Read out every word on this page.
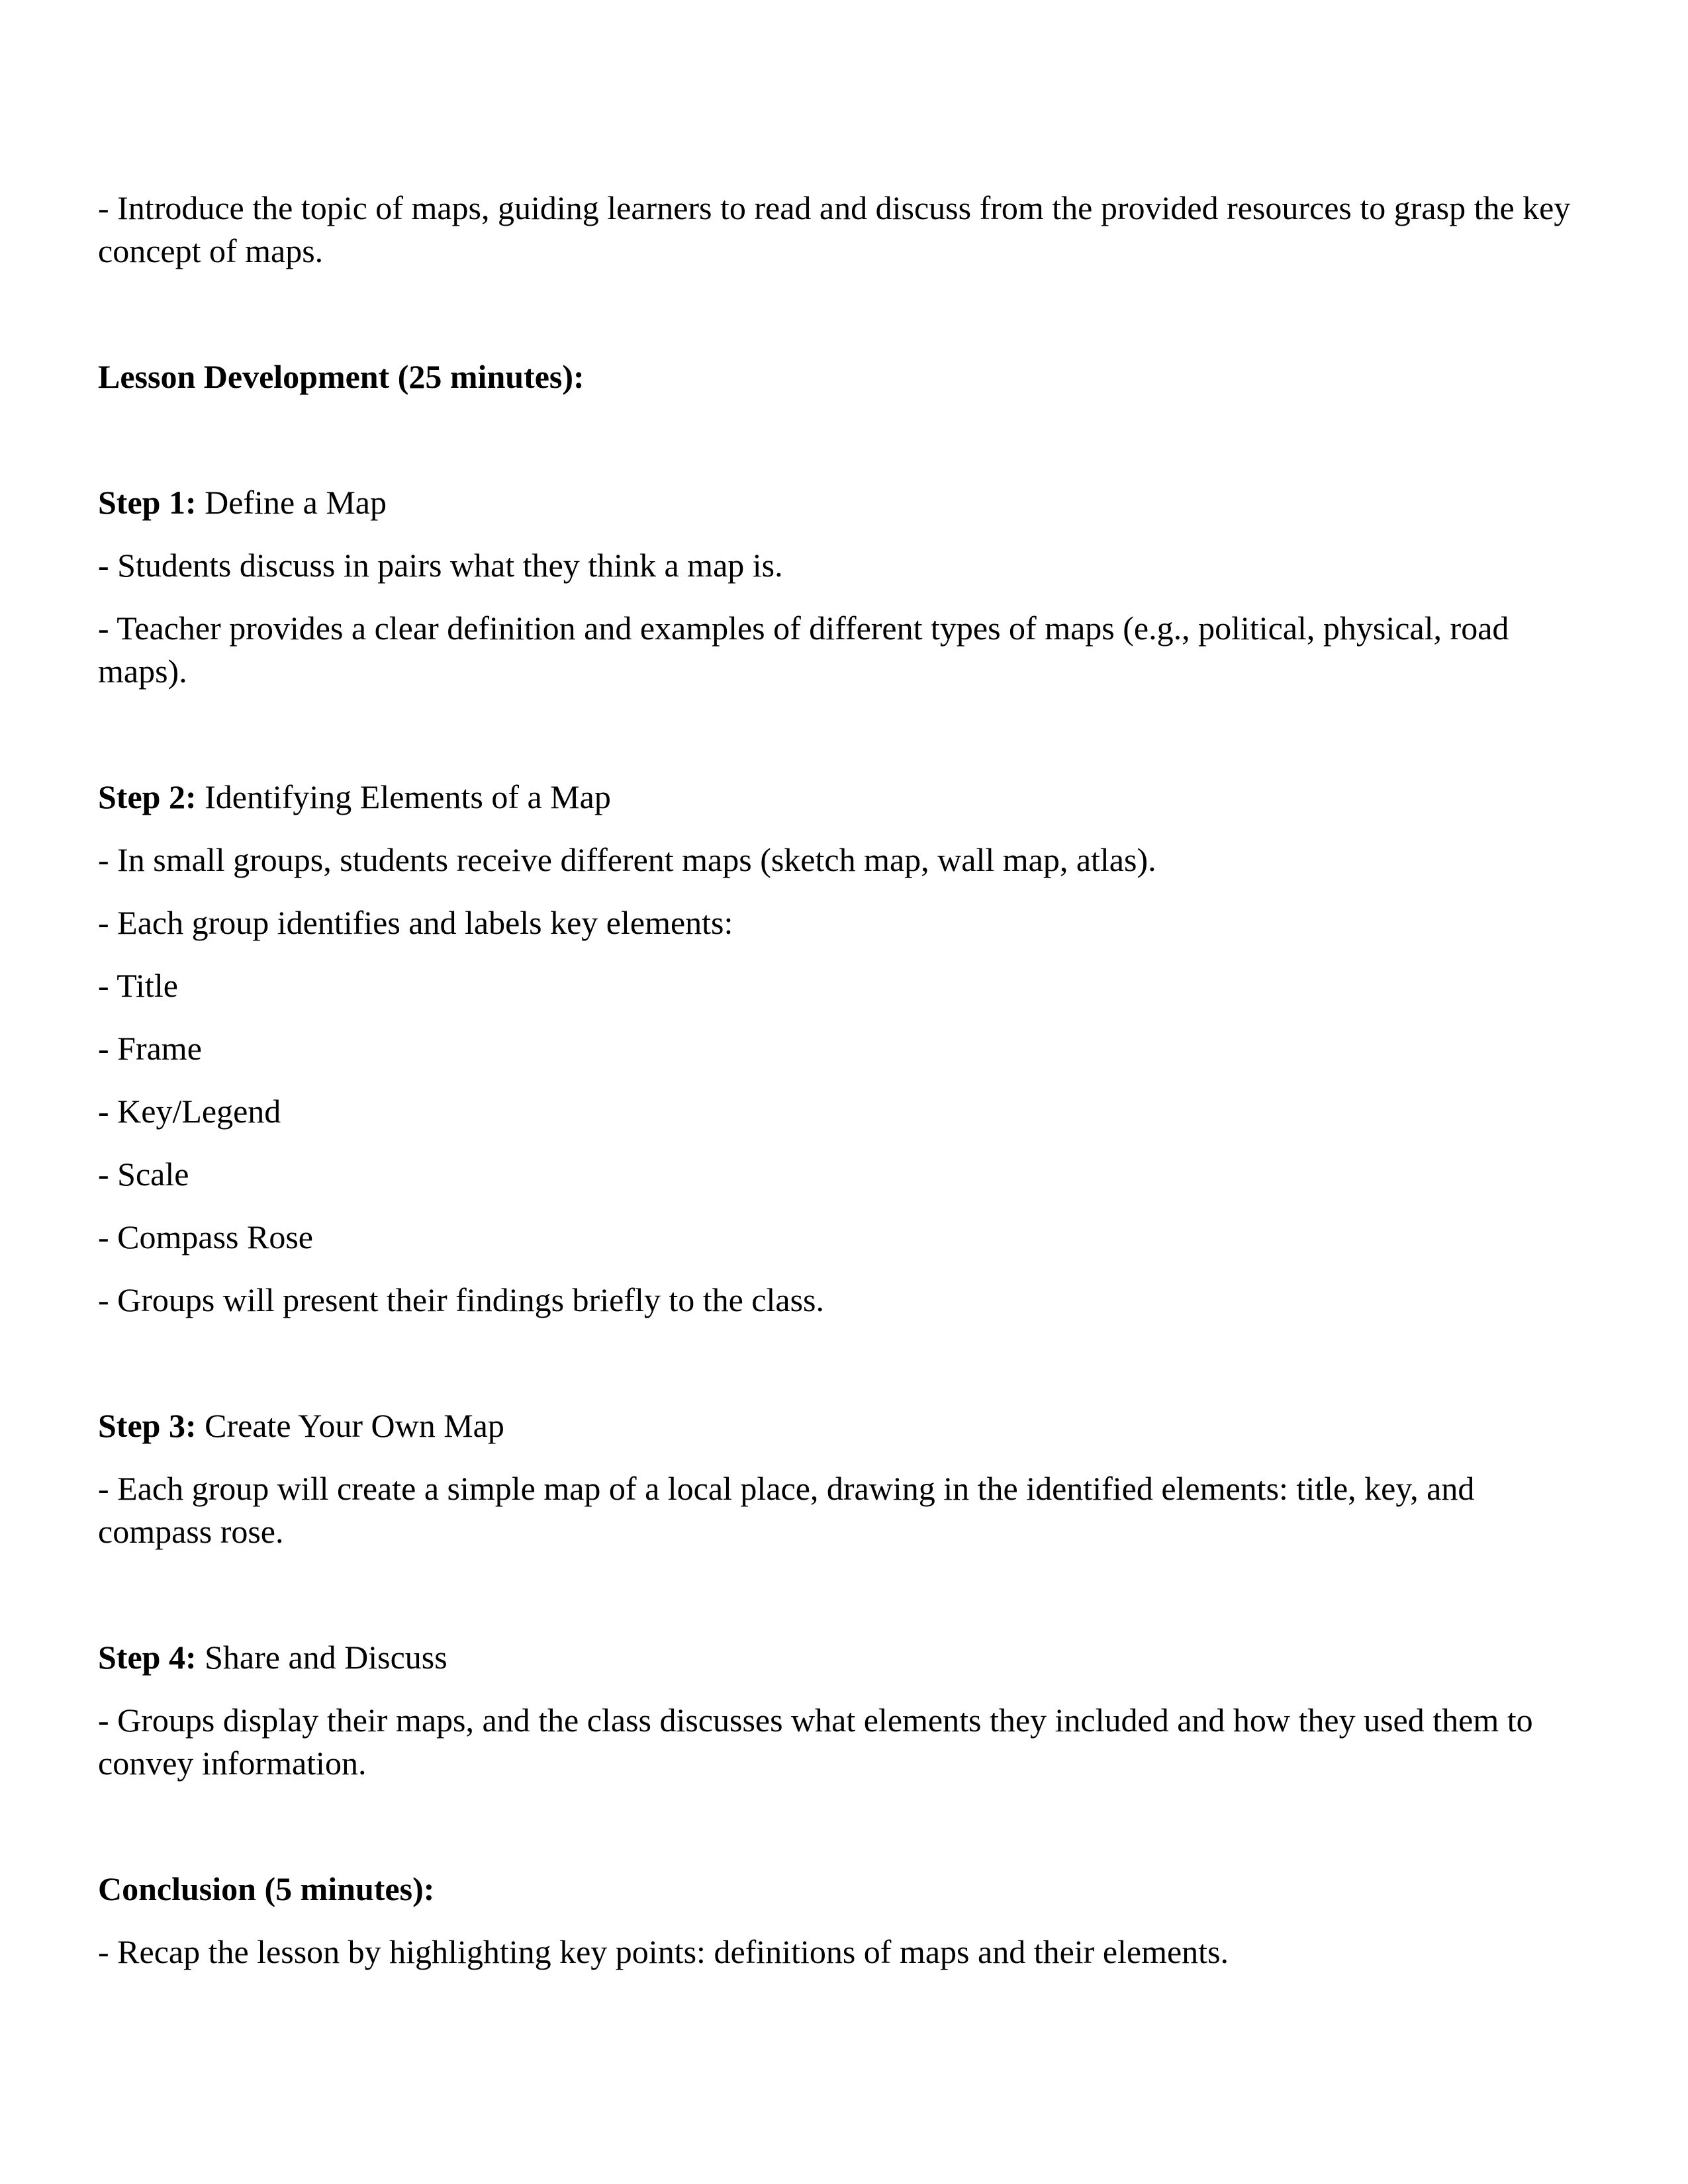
- Introduce the topic of maps, guiding learners to read and discuss from the provided resources to grasp the key concept of maps.

Lesson Development (25 minutes):

Step 1: Define a Map

- Students discuss in pairs what they think a map is.

- Teacher provides a clear definition and examples of different types of maps (e.g., political, physical, road maps).

Step 2: Identifying Elements of a Map

- In small groups, students receive different maps (sketch map, wall map, atlas).

- Each group identifies and labels key elements:

- Title

- Frame

- Key/Legend

- Scale

- Compass Rose

- Groups will present their findings briefly to the class.

Step 3: Create Your Own Map

- Each group will create a simple map of a local place, drawing in the identified elements: title, key, and compass rose.

Step 4: Share and Discuss

- Groups display their maps, and the class discusses what elements they included and how they used them to convey information.

Conclusion (5 minutes):

- Recap the lesson by highlighting key points: definitions of maps and their elements.
